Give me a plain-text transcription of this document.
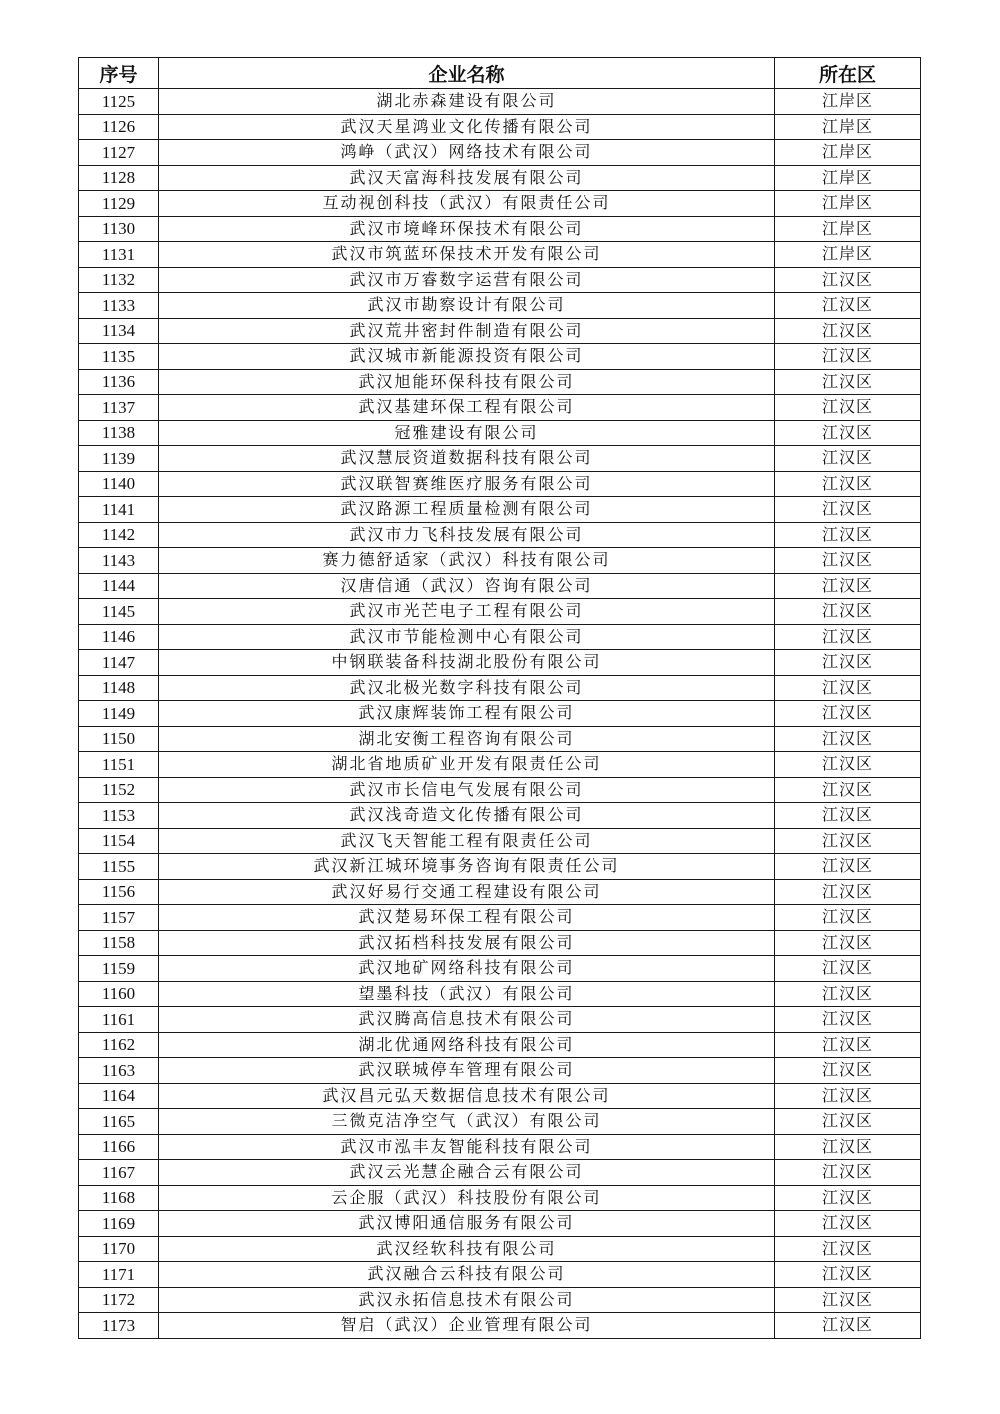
序号	企业名称	所在区
1125	湖北赤森建设有限公司	江岸区
1126	武汉天星鸿业文化传播有限公司	江岸区
1127	鸿峥（武汉）网络技术有限公司	江岸区
1128	武汉天富海科技发展有限公司	江岸区
1129	互动视创科技（武汉）有限责任公司	江岸区
1130	武汉市境峰环保技术有限公司	江岸区
1131	武汉市筑蓝环保技术开发有限公司	江岸区
1132	武汉市万睿数字运营有限公司	江汉区
1133	武汉市勘察设计有限公司	江汉区
1134	武汉荒井密封件制造有限公司	江汉区
1135	武汉城市新能源投资有限公司	江汉区
1136	武汉旭能环保科技有限公司	江汉区
1137	武汉基建环保工程有限公司	江汉区
1138	冠雅建设有限公司	江汉区
1139	武汉慧辰资道数据科技有限公司	江汉区
1140	武汉联智赛维医疗服务有限公司	江汉区
1141	武汉路源工程质量检测有限公司	江汉区
1142	武汉市力飞科技发展有限公司	江汉区
1143	赛力德舒适家（武汉）科技有限公司	江汉区
1144	汉唐信通（武汉）咨询有限公司	江汉区
1145	武汉市光芒电子工程有限公司	江汉区
1146	武汉市节能检测中心有限公司	江汉区
1147	中钢联装备科技湖北股份有限公司	江汉区
1148	武汉北极光数字科技有限公司	江汉区
1149	武汉康辉装饰工程有限公司	江汉区
1150	湖北安衡工程咨询有限公司	江汉区
1151	湖北省地质矿业开发有限责任公司	江汉区
1152	武汉市长信电气发展有限公司	江汉区
1153	武汉浅奇造文化传播有限公司	江汉区
1154	武汉飞天智能工程有限责任公司	江汉区
1155	武汉新江城环境事务咨询有限责任公司	江汉区
1156	武汉好易行交通工程建设有限公司	江汉区
1157	武汉楚易环保工程有限公司	江汉区
1158	武汉拓档科技发展有限公司	江汉区
1159	武汉地矿网络科技有限公司	江汉区
1160	望墨科技（武汉）有限公司	江汉区
1161	武汉腾高信息技术有限公司	江汉区
1162	湖北优通网络科技有限公司	江汉区
1163	武汉联城停车管理有限公司	江汉区
1164	武汉昌元弘天数据信息技术有限公司	江汉区
1165	三微克洁净空气（武汉）有限公司	江汉区
1166	武汉市泓丰友智能科技有限公司	江汉区
1167	武汉云光慧企融合云有限公司	江汉区
1168	云企服（武汉）科技股份有限公司	江汉区
1169	武汉博阳通信服务有限公司	江汉区
1170	武汉经软科技有限公司	江汉区
1171	武汉融合云科技有限公司	江汉区
1172	武汉永拓信息技术有限公司	江汉区
1173	智启（武汉）企业管理有限公司	江汉区
